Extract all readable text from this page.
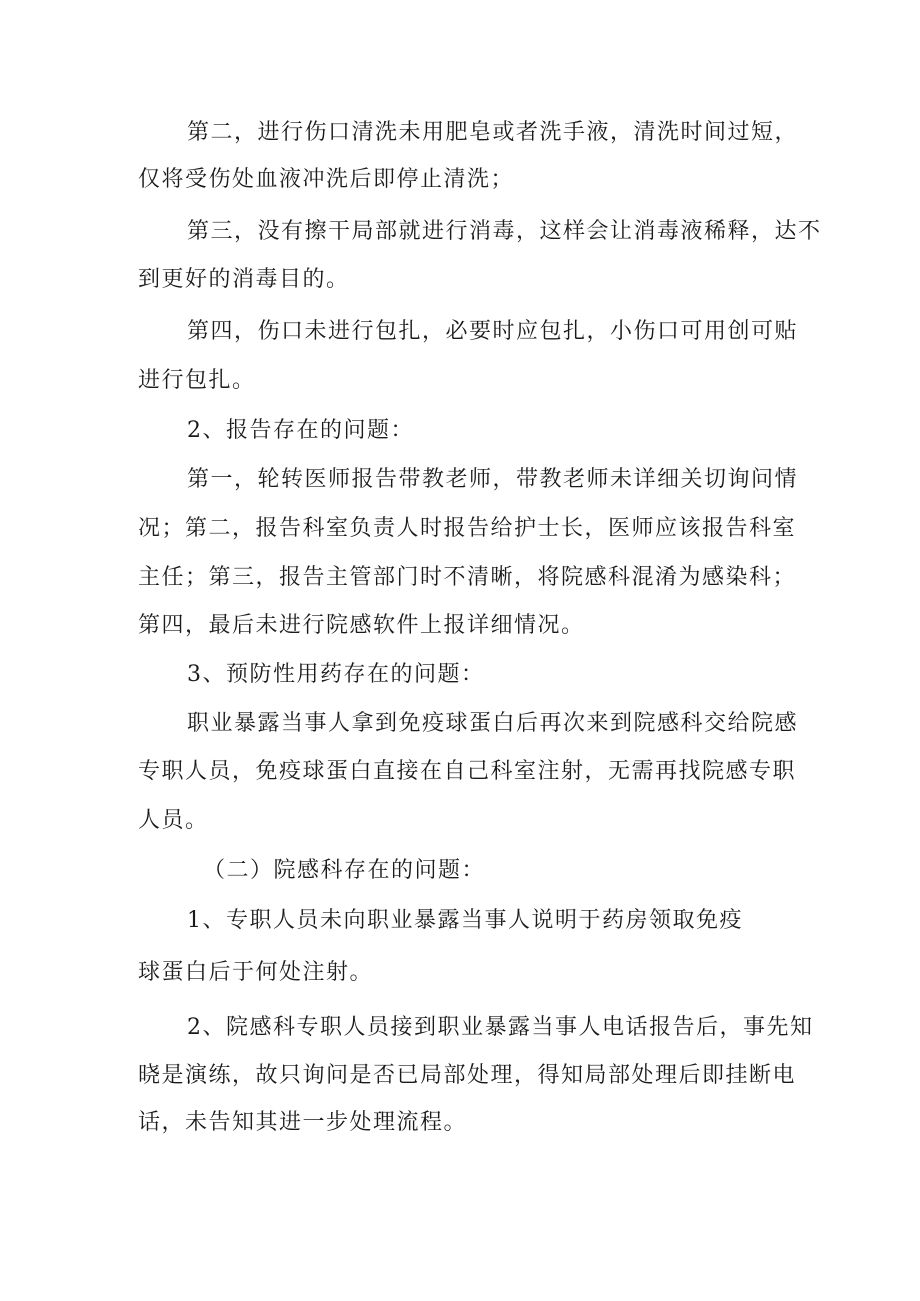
第二，进行伤口清洗未用肥皂或者洗手液，清洗时间过短，
仅将受伤处血液冲洗后即停止清洗；
第三，没有擦干局部就进行消毒，这样会让消毒液稀释，达不
到更好的消毒目的。
第四，伤口未进行包扎，必要时应包扎，小伤口可用创可贴
进行包扎。
2、报告存在的问题：
第一，轮转医师报告带教老师，带教老师未详细关切询问情
况；第二，报告科室负责人时报告给护士长，医师应该报告科室
主任；第三，报告主管部门时不清晰，将院感科混淆为感染科；
第四，最后未进行院感软件上报详细情况。
3、预防性用药存在的问题：
职业暴露当事人拿到免疫球蛋白后再次来到院感科交给院感
专职人员，免疫球蛋白直接在自己科室注射，无需再找院感专职
人员。
（二）院感科存在的问题：
1、专职人员未向职业暴露当事人说明于药房领取免疫
球蛋白后于何处注射。
2、院感科专职人员接到职业暴露当事人电话报告后，事先知
晓是演练，故只询问是否已局部处理，得知局部处理后即挂断电
话，未告知其进一步处理流程。
